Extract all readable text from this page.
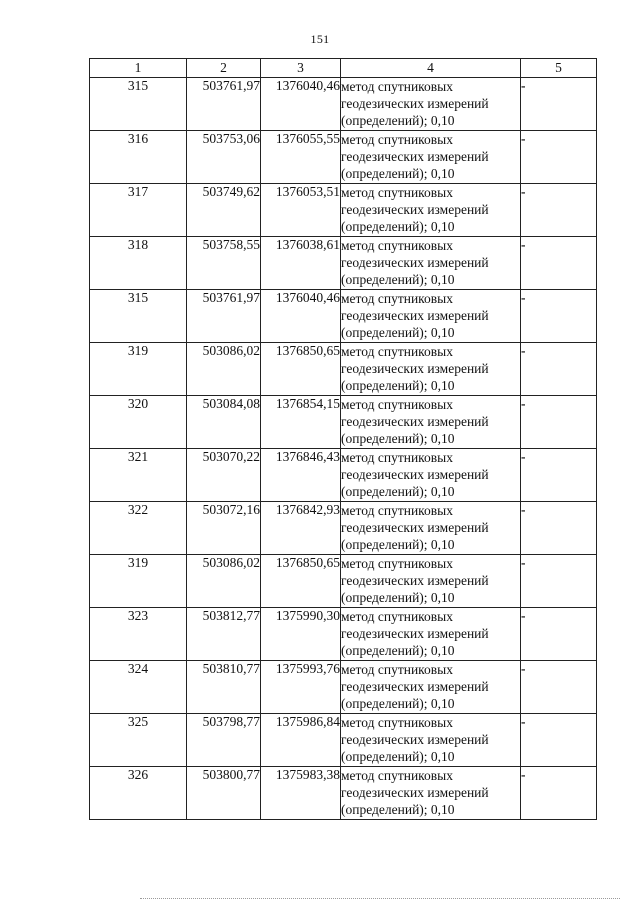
151
1	2	3	4	5
315	503761,97	1376040,46	метод спутниковых
геодезических измерений
(определений); 0,10	-
316	503753,06	1376055,55	метод спутниковых
геодезических измерений
(определений); 0,10	-
317	503749,62	1376053,51	метод спутниковых
геодезических измерений
(определений); 0,10	-
318	503758,55	1376038,61	метод спутниковых
геодезических измерений
(определений); 0,10	-
315	503761,97	1376040,46	метод спутниковых
геодезических измерений
(определений); 0,10	-
319	503086,02	1376850,65	метод спутниковых
геодезических измерений
(определений); 0,10	-
320	503084,08	1376854,15	метод спутниковых
геодезических измерений
(определений); 0,10	-
321	503070,22	1376846,43	метод спутниковых
геодезических измерений
(определений); 0,10	-
322	503072,16	1376842,93	метод спутниковых
геодезических измерений
(определений); 0,10	-
319	503086,02	1376850,65	метод спутниковых
геодезических измерений
(определений); 0,10	-
323	503812,77	1375990,30	метод спутниковых
геодезических измерений
(определений); 0,10	-
324	503810,77	1375993,76	метод спутниковых
геодезических измерений
(определений); 0,10	-
325	503798,77	1375986,84	метод спутниковых
геодезических измерений
(определений); 0,10	-
326	503800,77	1375983,38	метод спутниковых
геодезических измерений
(определений); 0,10	-
